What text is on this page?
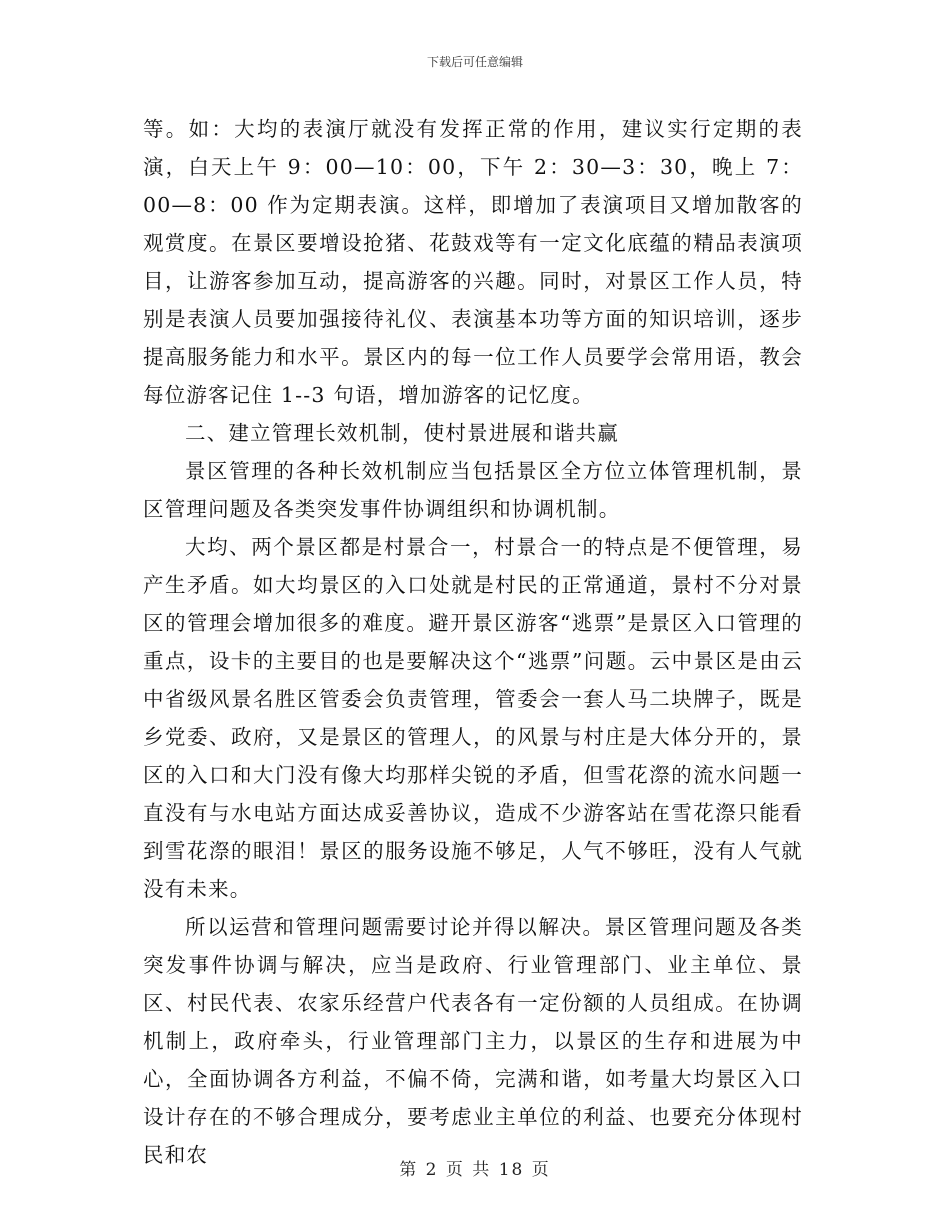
下载后可任意编辑

等。如：大均的表演厅就没有发挥正常的作用，建议实行定期的表演，白天上午 9：00—10：00，下午 2：30—3：30，晚上 7：00—8：00 作为定期表演。这样，即增加了表演项目又增加散客的观赏度。在景区要增设抢猪、花鼓戏等有一定文化底蕴的精品表演项目，让游客参加互动，提高游客的兴趣。同时，对景区工作人员，特别是表演人员要加强接待礼仪、表演基本功等方面的知识培训，逐步提高服务能力和水平。景区内的每一位工作人员要学会常用语，教会每位游客记住 1--3 句语，增加游客的记忆度。

二、建立管理长效机制，使村景进展和谐共赢

景区管理的各种长效机制应当包括景区全方位立体管理机制，景区管理问题及各类突发事件协调组织和协调机制。

大均、两个景区都是村景合一，村景合一的特点是不便管理，易产生矛盾。如大均景区的入口处就是村民的正常通道，景村不分对景区的管理会增加很多的难度。避开景区游客“逃票”是景区入口管理的重点，设卡的主要目的也是要解决这个“逃票”问题。云中景区是由云中省级风景名胜区管委会负责管理，管委会一套人马二块牌子，既是乡党委、政府，又是景区的管理人，的风景与村庄是大体分开的，景区的入口和大门没有像大均那样尖锐的矛盾，但雪花漈的流水问题一直没有与水电站方面达成妥善协议，造成不少游客站在雪花漈只能看到雪花漈的眼泪！景区的服务设施不够足，人气不够旺，没有人气就没有未来。

所以运营和管理问题需要讨论并得以解决。景区管理问题及各类突发事件协调与解决，应当是政府、行业管理部门、业主单位、景区、村民代表、农家乐经营户代表各有一定份额的人员组成。在协调机制上，政府牵头，行业管理部门主力，以景区的生存和进展为中心，全面协调各方利益，不偏不倚，完满和谐，如考量大均景区入口设计存在的不够合理成分，要考虑业主单位的利益、也要充分体现村民和农

第 2 页 共 18 页
